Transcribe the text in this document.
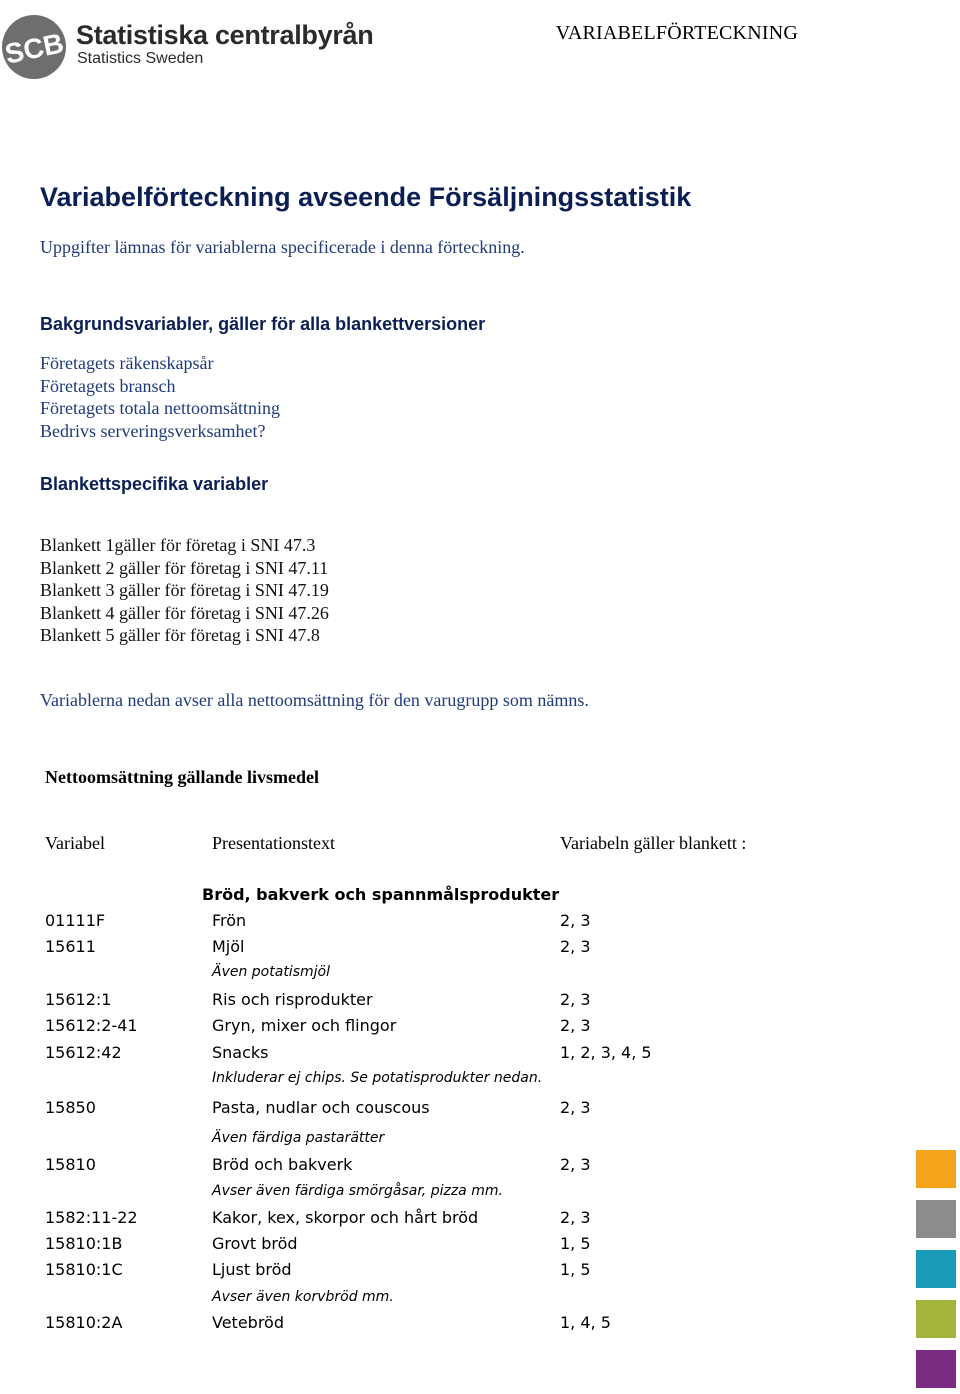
SCB Statistiska centralbyrån
Statistics Sweden
VARIABELFÖRTECKNING
Variabelförteckning avseende Försäljningsstatistik
Uppgifter lämnas för variablerna specificerade i denna förteckning.
Bakgrundsvariabler, gäller för alla blankettversioner
Företagets räkenskapsår
Företagets bransch
Företagets totala nettoomsättning
Bedrivs serveringsverksamhet?
Blankettspecifika variabler
Blankett 1gäller för företag i SNI 47.3
Blankett 2 gäller för företag i SNI 47.11
Blankett 3 gäller för företag i SNI 47.19
Blankett 4 gäller för företag i SNI 47.26
Blankett 5 gäller för företag i SNI 47.8
Variablerna nedan avser alla nettoomsättning för den varugrupp som nämns.
Nettoomsättning gällande livsmedel
Variabel	Presentationstext	Variabeln gäller blankett :
Bröd, bakverk och spannmålsprodukter
01111F	Frön	2, 3
15611	Mjöl	2, 3
Även potatismjöl
15612:1	Ris och risprodukter	2, 3
15612:2-41	Gryn, mixer och flingor	2, 3
15612:42	Snacks	1, 2, 3, 4, 5
Inkluderar ej chips. Se potatisprodukter nedan.
15850	Pasta, nudlar och couscous	2, 3
Även färdiga pastarätter
15810	Bröd och bakverk	2, 3
Avser även färdiga smörgåsar, pizza mm.
1582:11-22	Kakor, kex, skorpor och hårt bröd	2, 3
15810:1B	Grovt bröd	1, 5
15810:1C	Ljust bröd	1, 5
Avser även korvbröd mm.
15810:2A	Vetebröd	1, 4, 5
